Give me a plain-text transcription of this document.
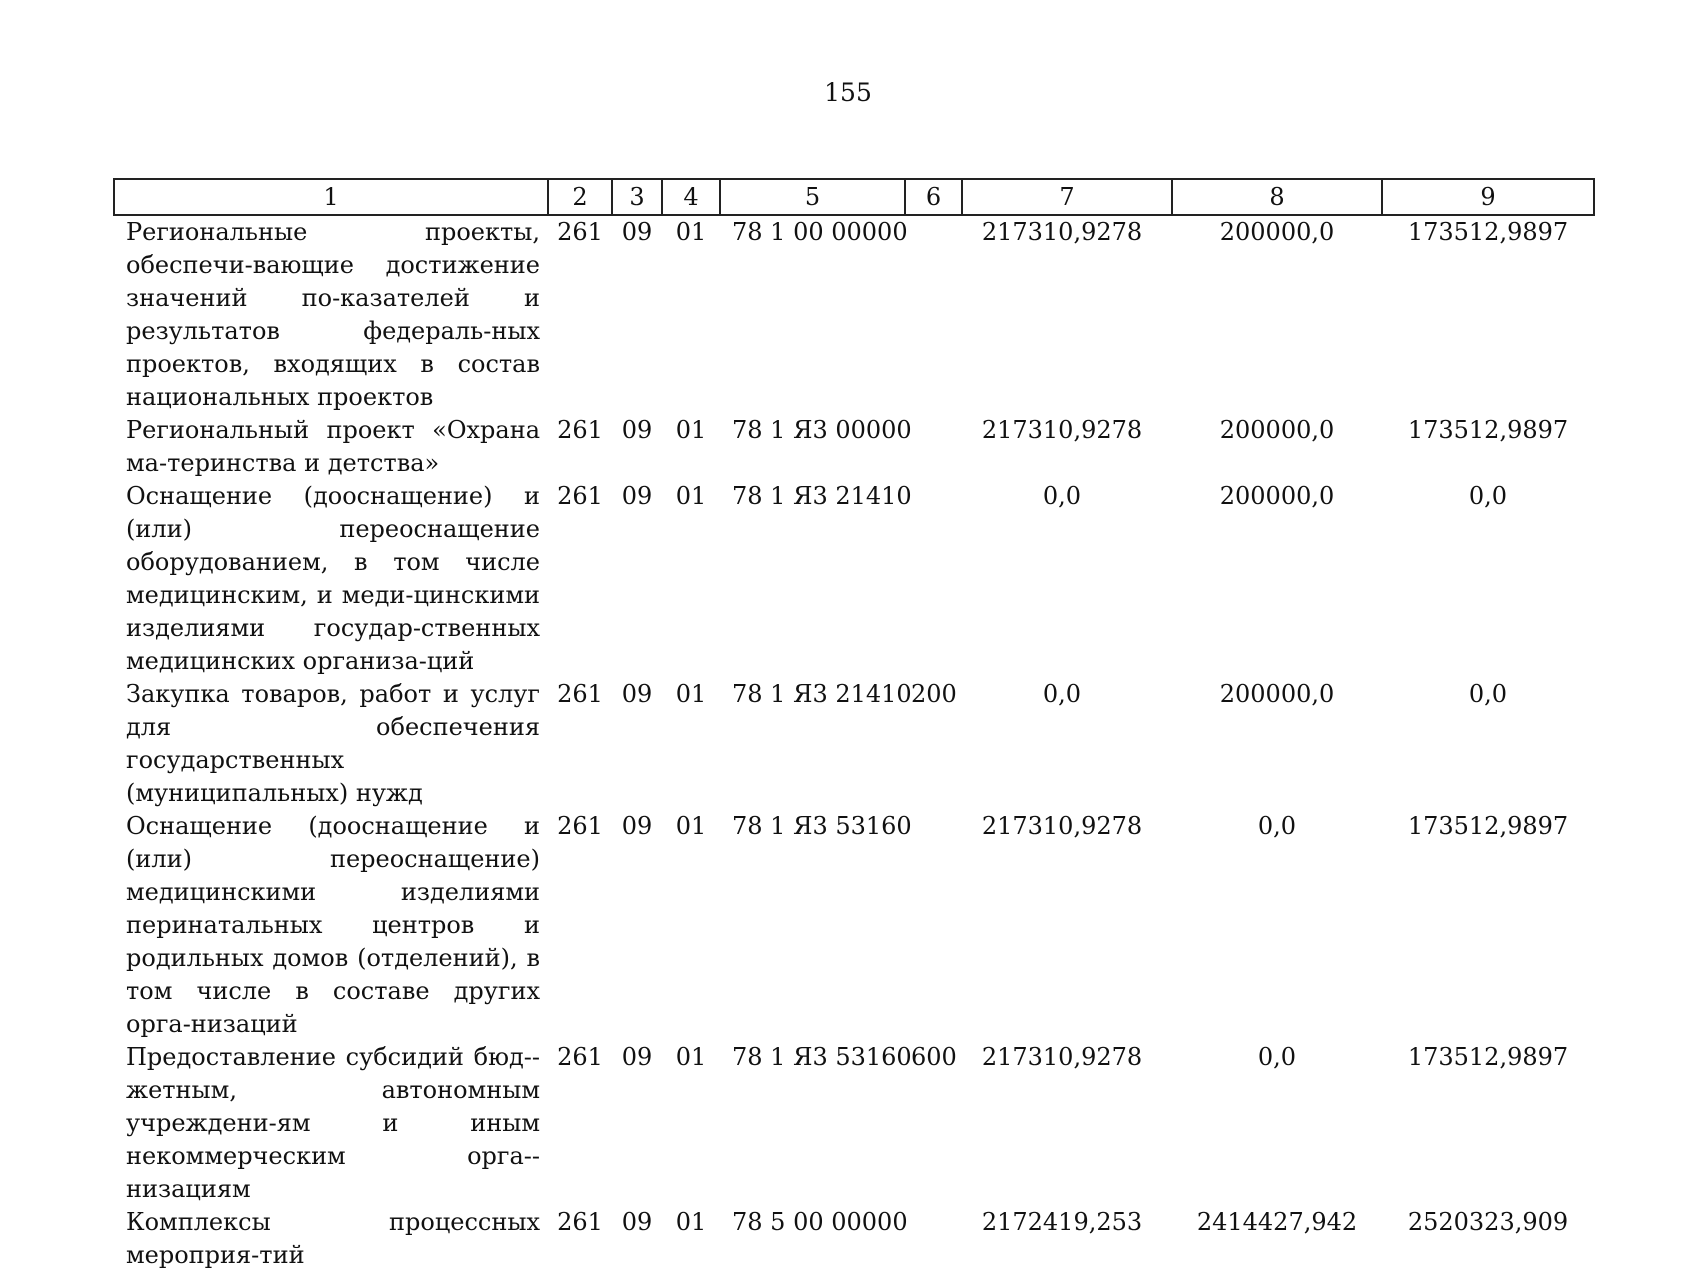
155
1	2	3	4	5	6	7	8	9
Региональные проекты, обеспечи-вающие достижение значений по-казателей и результатов федераль-ных проектов, входящих в состав национальных проектов	261	09	01	78 1 00 00000		217310,9278	200000,0	173512,9897
Региональный проект «Охрана ма-теринства и детства»	261	09	01	78 1 Я3 00000		217310,9278	200000,0	173512,9897
Оснащение (дооснащение) и (или) переоснащение оборудованием, в том числе медицинским, и меди-цинскими изделиями государ-ственных медицинских организа-ций	261	09	01	78 1 Я3 21410		0,0	200000,0	0,0
Закупка товаров, работ и услуг для обеспечения государственных (муниципальных) нужд	261	09	01	78 1 Я3 21410	200	0,0	200000,0	0,0
Оснащение (дооснащение и (или) переоснащение) медицинскими изделиями перинатальных центров и родильных домов (отделений), в том числе в составе других орга-низаций	261	09	01	78 1 Я3 53160		217310,9278	0,0	173512,9897
Предоставление субсидий бюд-жетным, автономным учреждени-ям и иным некоммерческим орга-низациям	261	09	01	78 1 Я3 53160	600	217310,9278	0,0	173512,9897
Комплексы процессных мероприя-тий	261	09	01	78 5 00 00000		2172419,253	2414427,942	2520323,909
